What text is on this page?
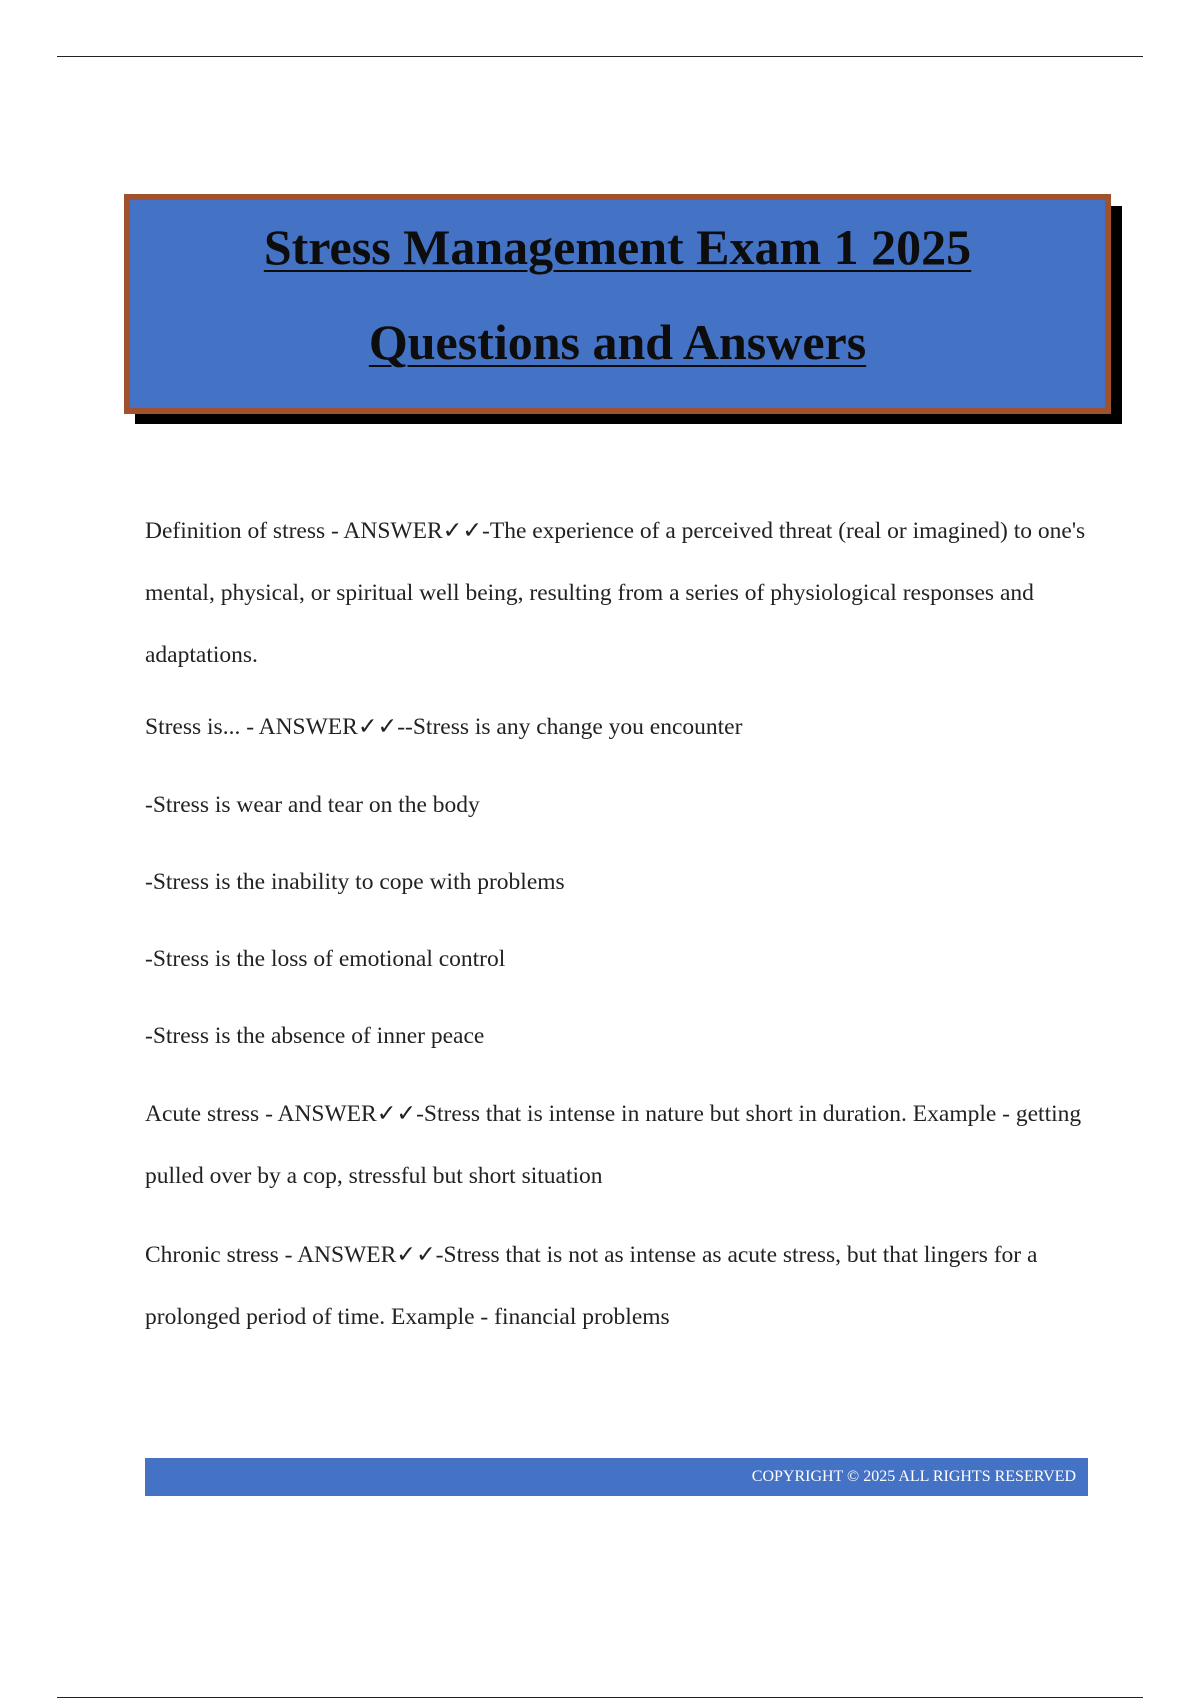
Stress Management Exam 1 2025
Questions and Answers

Definition of stress - ANSWER✓✓-The experience of a perceived threat (real or imagined) to one's mental, physical, or spiritual well being, resulting from a series of physiological responses and adaptations.

Stress is... - ANSWER✓✓--Stress is any change you encounter

-Stress is wear and tear on the body

-Stress is the inability to cope with problems

-Stress is the loss of emotional control

-Stress is the absence of inner peace

Acute stress - ANSWER✓✓-Stress that is intense in nature but short in duration. Example - getting pulled over by a cop, stressful but short situation

Chronic stress - ANSWER✓✓-Stress that is not as intense as acute stress, but that lingers for a prolonged period of time. Example - financial problems

COPYRIGHT © 2025 ALL RIGHTS RESERVED
